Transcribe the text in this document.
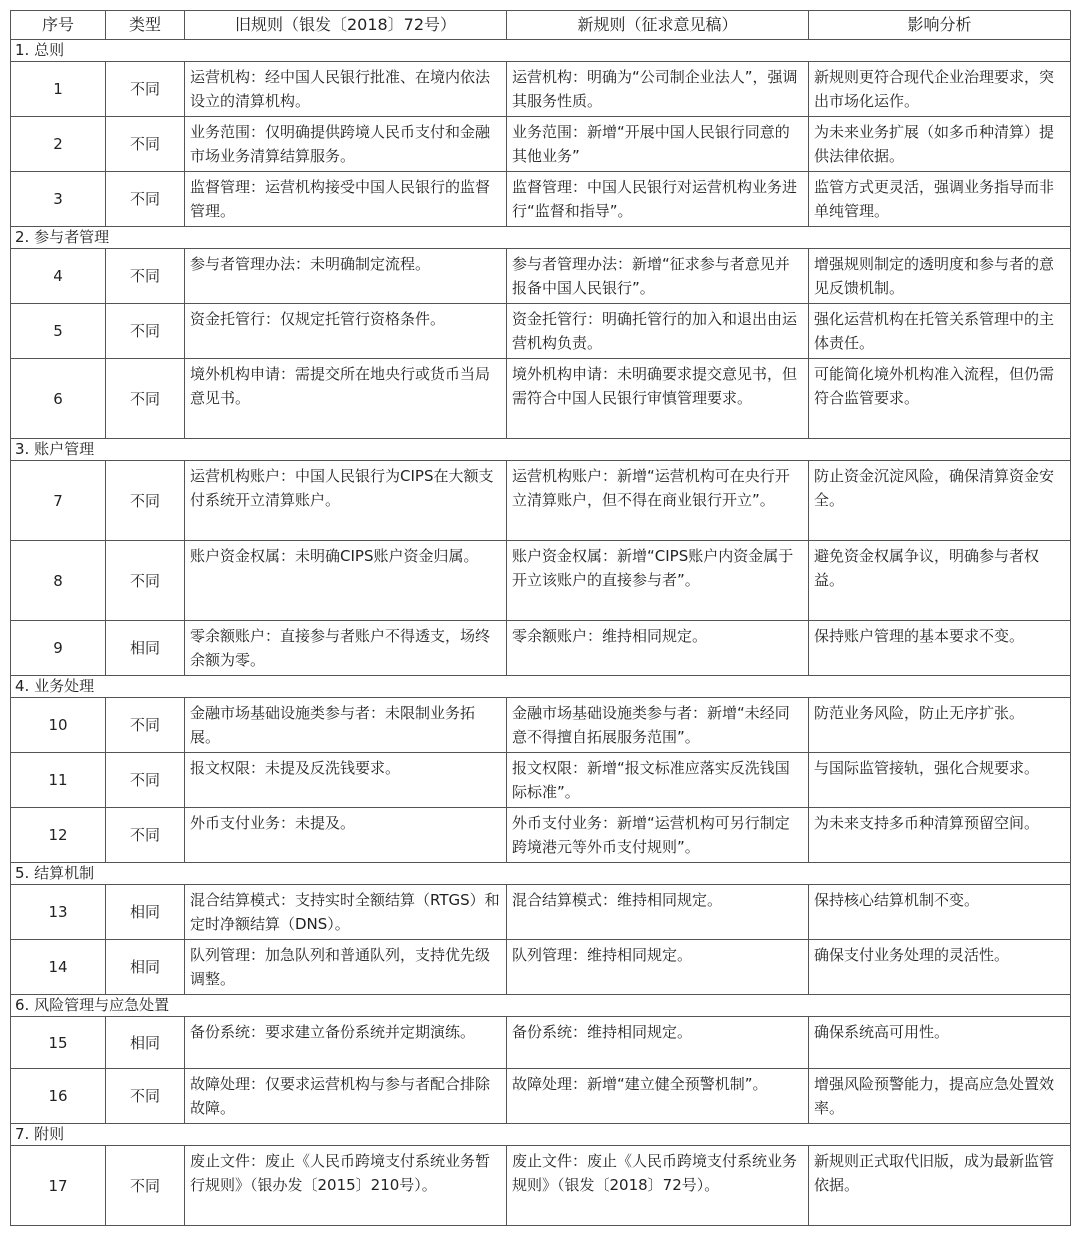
序号	类型	旧规则（银发〔2018〕72号）	新规则（征求意见稿）	影响分析
1. 总则				
1	不同	运营机构：经中国人民银行批准、在境内依法设立的清算机构。	运营机构：明确为“公司制企业法人”，强调其服务性质。	新规则更符合现代企业治理要求，突出市场化运作。
2	不同	业务范围：仅明确提供跨境人民币支付和金融市场业务清算结算服务。	业务范围：新增“开展中国人民银行同意的其他业务”	为未来业务扩展（如多币种清算）提供法律依据。
3	不同	监督管理：运营机构接受中国人民银行的监督管理。	监督管理：中国人民银行对运营机构业务进行“监督和指导”。	监管方式更灵活，强调业务指导而非单纯管理。
2. 参与者管理				
4	不同	参与者管理办法：未明确制定流程。	参与者管理办法：新增“征求参与者意见并报备中国人民银行”。	增强规则制定的透明度和参与者的意见反馈机制。
5	不同	资金托管行：仅规定托管行资格条件。	资金托管行：明确托管行的加入和退出由运营机构负责。	强化运营机构在托管关系管理中的主体责任。
6	不同	境外机构申请：需提交所在地央行或货币当局意见书。	境外机构申请：未明确要求提交意见书，但需符合中国人民银行审慎管理要求。	可能简化境外机构准入流程，但仍需符合监管要求。
3. 账户管理				
7	不同	运营机构账户：中国人民银行为CIPS在大额支付系统开立清算账户。	运营机构账户：新增“运营机构可在央行开立清算账户，但不得在商业银行开立”。	防止资金沉淀风险，确保清算资金安全。
8	不同	账户资金权属：未明确CIPS账户资金归属。	账户资金权属：新增“CIPS账户内资金属于开立该账户的直接参与者”。	避免资金权属争议，明确参与者权益。
9	相同	零余额账户：直接参与者账户不得透支，场终余额为零。	零余额账户：维持相同规定。	保持账户管理的基本要求不变。
4. 业务处理				
10	不同	金融市场基础设施类参与者：未限制业务拓展。	金融市场基础设施类参与者：新增“未经同意不得擅自拓展服务范围”。	防范业务风险，防止无序扩张。
11	不同	报文权限：未提及反洗钱要求。	报文权限：新增“报文标准应落实反洗钱国际标准”。	与国际监管接轨，强化合规要求。
12	不同	外币支付业务：未提及。	外币支付业务：新增“运营机构可另行制定跨境港元等外币支付规则”。	为未来支持多币种清算预留空间。
5. 结算机制				
13	相同	混合结算模式：支持实时全额结算（RTGS）和定时净额结算（DNS）。	混合结算模式：维持相同规定。	保持核心结算机制不变。
14	相同	队列管理：加急队列和普通队列，支持优先级调整。	队列管理：维持相同规定。	确保支付业务处理的灵活性。
6. 风险管理与应急处置				
15	相同	备份系统：要求建立备份系统并定期演练。	备份系统：维持相同规定。	确保系统高可用性。
16	不同	故障处理：仅要求运营机构与参与者配合排除故障。	故障处理：新增“建立健全预警机制”。	增强风险预警能力，提高应急处置效率。
7. 附则				
17	不同	废止文件：废止《人民币跨境支付系统业务暂行规则》（银办发〔2015〕210号）。	废止文件：废止《人民币跨境支付系统业务规则》（银发〔2018〕72号）。	新规则正式取代旧版，成为最新监管依据。
